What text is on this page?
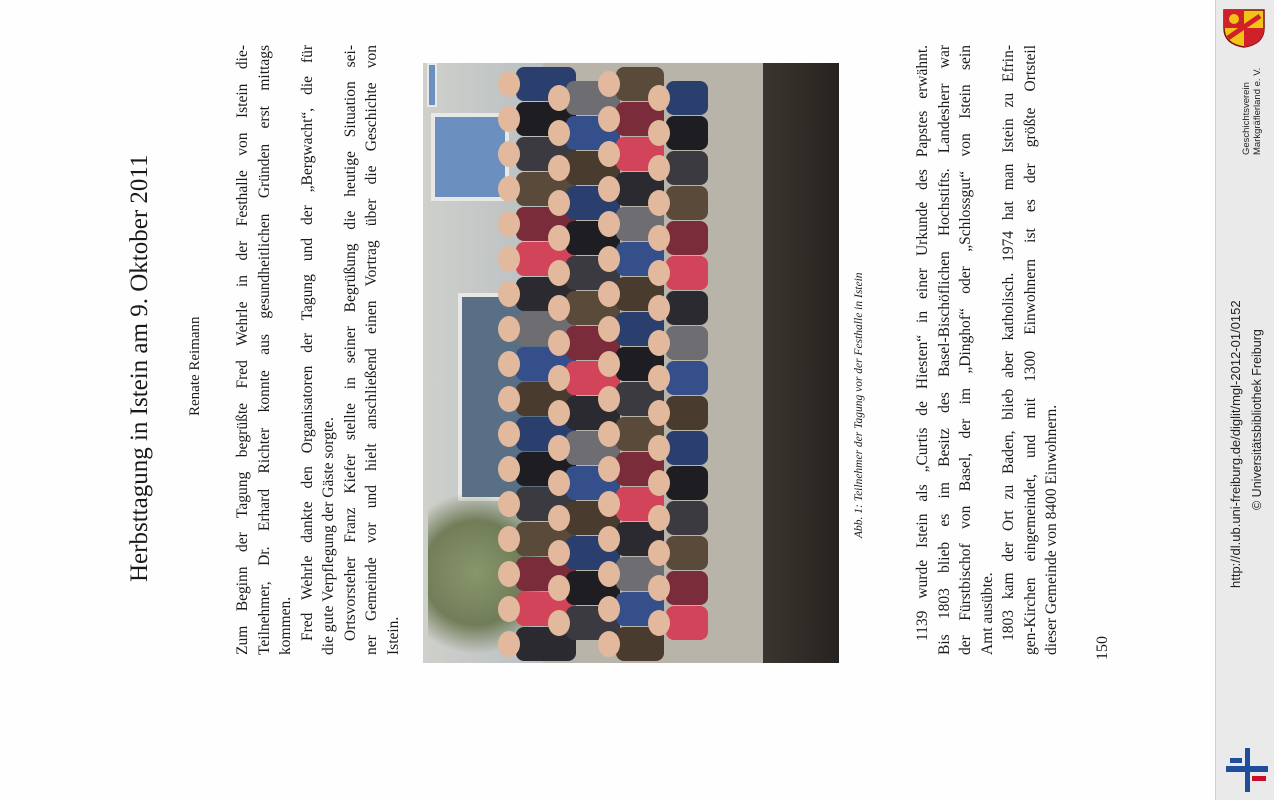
Herbsttagung in Istein am 9. Oktober 2011 Renate Reimann Zum Beginn der Tagung begrüßte Fred Wehrle in der Festhalle von Istein die- Teilnehmer, Dr. Erhard Richter konnte aus gesundheitlichen Gründen erst mittags kommen. Fred Wehrle dankte den Organisatoren der Tagung und der „Bergwacht“, die für die gute Verpflegung der Gäste sorgte. Ortsvorsteher Franz Kiefer stellte in seiner Begrüßung die heutige Situation sei- ner Gemeinde vor und hielt anschließend einen Vortrag über die Geschichte von Istein.
Abb. 1: Teilnehmer der Tagung vor der Festhalle in Istein	1139 wurde Istein als „Curtis de Hiesten“ in einer Urkunde des Papstes erwähnt. Bis 1803 blieb es im Besitz des Basel-Bischöflichen Hochstifts. Landesherr war der Fürstbischof von Basel, der im „Dinghof“ oder „Schlossgut“ von Istein sein Amt ausübte. 1803 kam der Ort zu Baden, blieb aber katholisch. 1974 hat man Istein zu Efrin- gen-Kirchen eingemeindet, und mit 1300 Einwohnern ist es der größte Ortsteil dieser Gemeinde von 8400 Einwohnern. 150
Geschichtsverein Markgräflerland e. V.
http://dl.ub.uni-freiburg.de/diglit/mgl-2012-01/0152 © Universitätsbibliothek Freiburg
